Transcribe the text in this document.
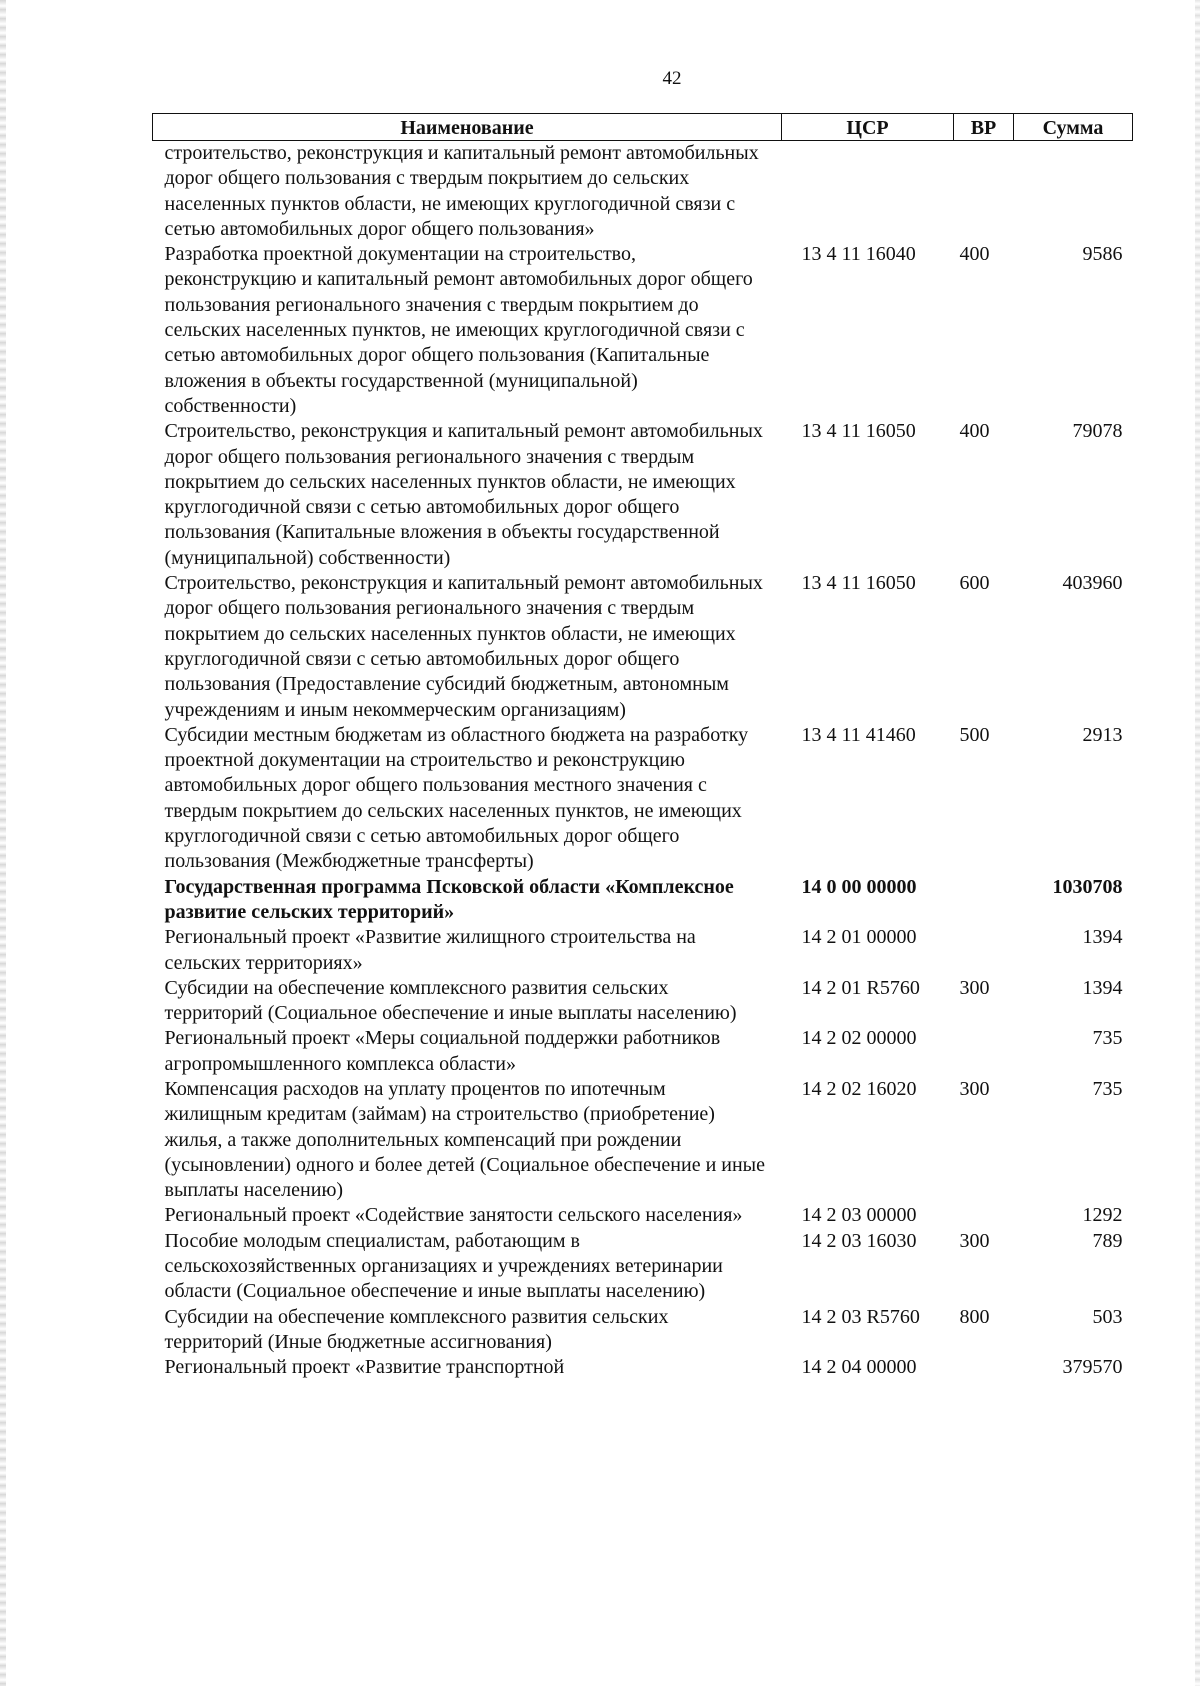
42
Наименование	ЦСР	ВР	Сумма
строительство, реконструкция и капитальный ремонт автомобильных дорог общего пользования с твердым покрытием до сельских населенных пунктов области, не имеющих круглогодичной связи с сетью автомобильных дорог общего пользования»			
Разработка проектной документации на строительство, реконструкцию и капитальный ремонт автомобильных дорог общего пользования регионального значения с твердым покрытием до сельских населенных пунктов, не имеющих круглогодичной связи с сетью автомобильных дорог общего пользования (Капитальные вложения в объекты государственной (муниципальной) собственности)	13 4 11 16040	400	9586
Строительство, реконструкция и капитальный ремонт автомобильных дорог общего пользования регионального значения с твердым покрытием до сельских населенных пунктов области, не имеющих круглогодичной связи с сетью автомобильных дорог общего пользования (Капитальные вложения в объекты государственной (муниципальной) собственности)	13 4 11 16050	400	79078
Строительство, реконструкция и капитальный ремонт автомобильных дорог общего пользования регионального значения с твердым покрытием до сельских населенных пунктов области, не имеющих круглогодичной связи с сетью автомобильных дорог общего пользования (Предоставление субсидий бюджетным, автономным учреждениям и иным некоммерческим организациям)	13 4 11 16050	600	403960
Субсидии местным бюджетам из областного бюджета на разработку проектной документации на строительство и реконструкцию автомобильных дорог общего пользования местного значения с твердым покрытием до сельских населенных пунктов, не имеющих круглогодичной связи с сетью автомобильных дорог общего пользования (Межбюджетные трансферты)	13 4 11 41460	500	2913
Государственная программа Псковской области «Комплексное развитие сельских территорий»	14 0 00 00000		1030708
Региональный проект «Развитие жилищного строительства на сельских территориях»	14 2 01 00000		1394
Субсидии на обеспечение комплексного развития сельских территорий (Социальное обеспечение и иные выплаты населению)	14 2 01 R5760	300	1394
Региональный проект «Меры социальной поддержки работников агропромышленного комплекса области»	14 2 02 00000		735
Компенсация расходов на уплату процентов по ипотечным жилищным кредитам (займам) на строительство (приобретение) жилья, а также дополнительных компенсаций при рождении (усыновлении) одного и более детей (Социальное обеспечение и иные выплаты населению)	14 2 02 16020	300	735
Региональный проект «Содействие занятости сельского населения»	14 2 03 00000		1292
Пособие молодым специалистам, работающим в сельскохозяйственных организациях и учреждениях ветеринарии области (Социальное обеспечение и иные выплаты населению)	14 2 03 16030	300	789
Субсидии на обеспечение комплексного развития сельских территорий (Иные бюджетные ассигнования)	14 2 03 R5760	800	503
Региональный проект «Развитие транспортной	14 2 04 00000		379570
